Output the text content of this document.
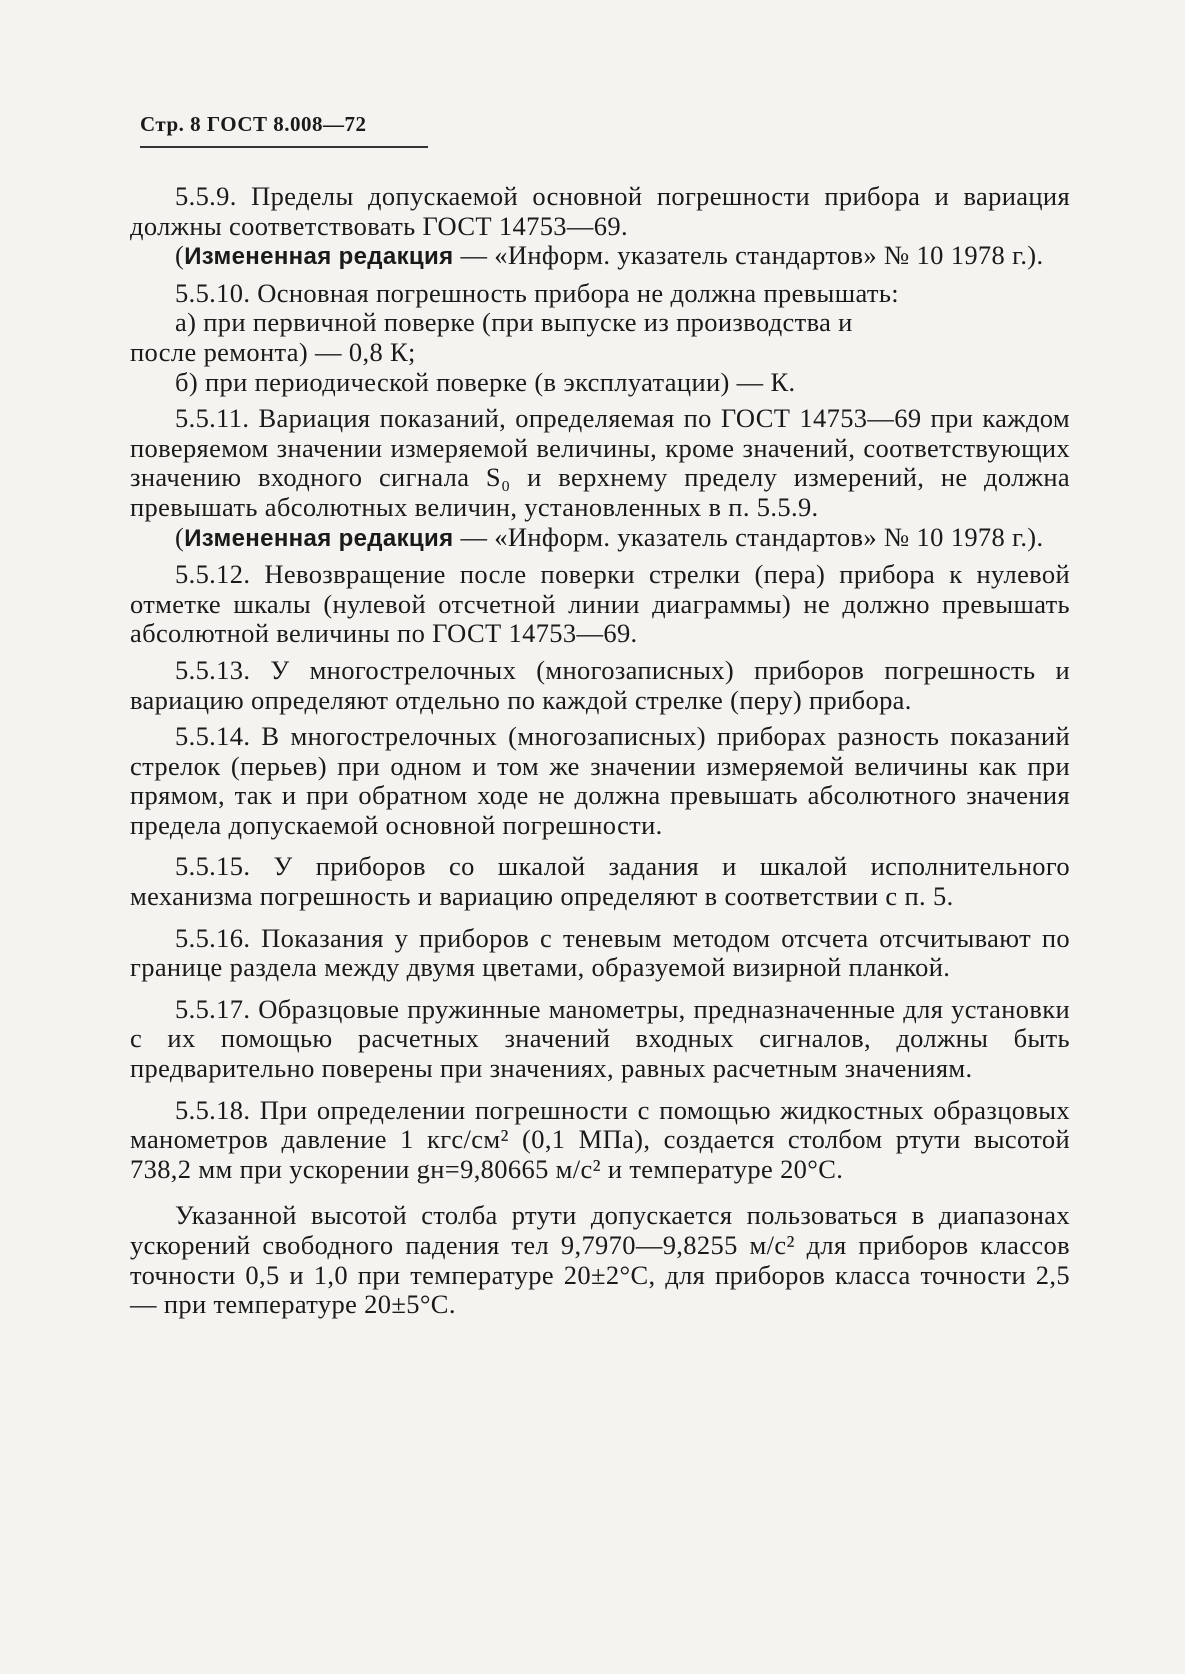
Стр. 8 ГОСТ 8.008—72

5.5.9. Пределы допускаемой основной погрешности прибора и вариация должны соответствовать ГОСТ 14753—69.

(Измененная редакция — «Информ. указатель стандартов» № 10 1978 г.).

5.5.10. Основная погрешность прибора не должна превышать:

а) при первичной поверке (при выпуске из производства и
после ремонта) — 0,8 К;

б) при периодической поверке (в эксплуатации) — К.

5.5.11. Вариация показаний, определяемая по ГОСТ 14753—69 при каждом поверяемом значении измеряемой величины, кроме значений, соответствующих значению входного сигнала S₀ и верхнему пределу измерений, не должна превышать абсолютных величин, установленных в п. 5.5.9.

(Измененная редакция — «Информ. указатель стандартов» № 10 1978 г.).

5.5.12. Невозвращение после поверки стрелки (пера) прибора к нулевой отметке шкалы (нулевой отсчетной линии диаграммы) не должно превышать абсолютной величины по ГОСТ 14753—69.

5.5.13. У многострелочных (многозаписных) приборов погрешность и вариацию определяют отдельно по каждой стрелке (перу) прибора.

5.5.14. В многострелочных (многозаписных) приборах разность показаний стрелок (перьев) при одном и том же значении измеряемой величины как при прямом, так и при обратном ходе не должна превышать абсолютного значения предела допускаемой основной погрешности.

5.5.15. У приборов со шкалой задания и шкалой исполнительного механизма погрешность и вариацию определяют в соответствии с п. 5.

5.5.16. Показания у приборов с теневым методом отсчета отсчитывают по границе раздела между двумя цветами, образуемой визирной планкой.

5.5.17. Образцовые пружинные манометры, предназначенные для установки с их помощью расчетных значений входных сигналов, должны быть предварительно поверены при значениях, равных расчетным значениям.

5.5.18. При определении погрешности с помощью жидкостных образцовых манометров давление 1 кгс/см² (0,1 МПа), создается столбом ртути высотой 738,2 мм при ускорении gн=9,80665 м/с² и температуре 20°С.

Указанной высотой столба ртути допускается пользоваться в диапазонах ускорений свободного падения тел 9,7970—9,8255 м/с² для приборов классов точности 0,5 и 1,0 при температуре 20±2°С, для приборов класса точности 2,5 — при температуре 20±5°С.
